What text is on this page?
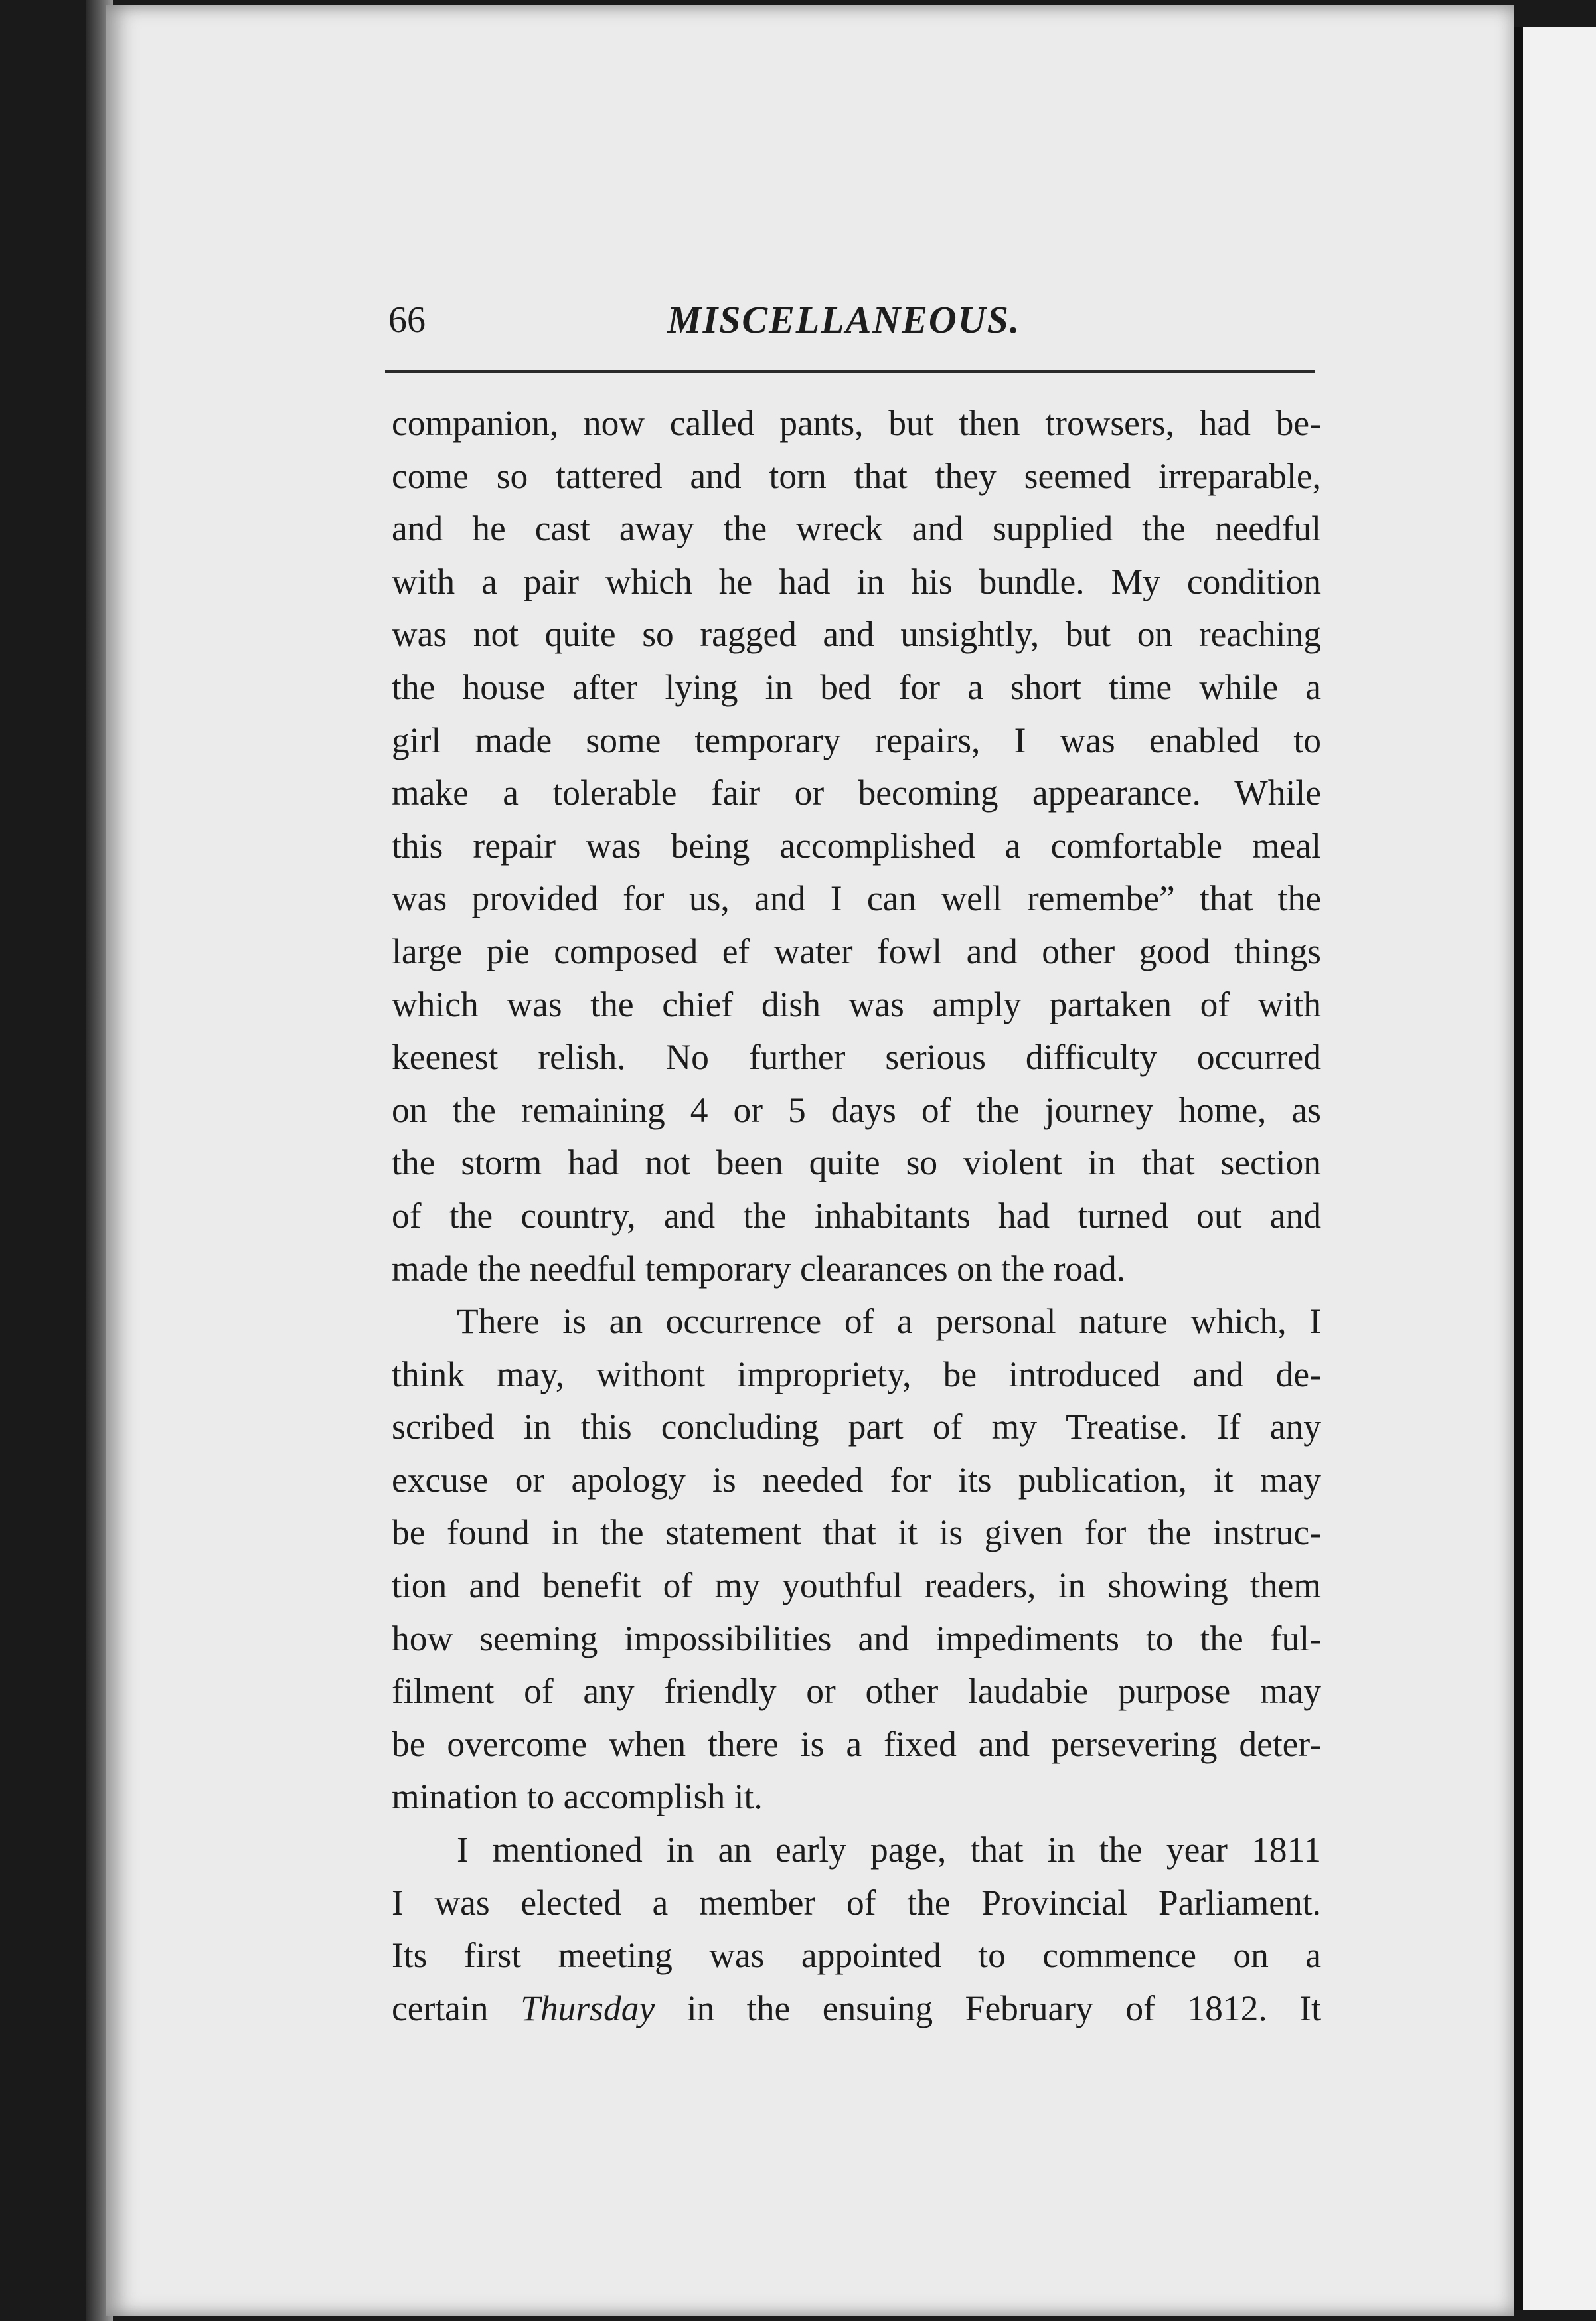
66	MISCELLANEOUS.
companion, now called pants, but then trowsers, had be-
come so tattered and torn that they seemed irreparable,
and he cast away the wreck and supplied the needful
with a pair which he had in his bundle. My condition
was not quite so ragged and unsightly, but on reaching
the house after lying in bed for a short time while a
girl made some temporary repairs, I was enabled to
make a tolerable fair or becoming appearance. While
this repair was being accomplished a comfortable meal
was provided for us, and I can well remembe” that the
large pie composed ef water fowl and other good things
which was the chief dish was amply partaken of with
keenest relish. No further serious difficulty occurred
on the remaining 4 or 5 days of the journey home, as
the storm had not been quite so violent in that section
of the country, and the inhabitants had turned out and
made the needful temporary clearances on the road.
There is an occurrence of a personal nature which, I
think may, withont impropriety, be introduced and de-
scribed in this concluding part of my Treatise. If any
excuse or apology is needed for its publication, it may
be found in the statement that it is given for the instruc-
tion and benefit of my youthful readers, in showing them
how seeming impossibilities and impediments to the ful-
filment of any friendly or other laudabie purpose may
be overcome when there is a fixed and persevering deter-
mination to accomplish it.
I mentioned in an early page, that in the year 1811
I was elected a member of the Provincial Parliament.
Its first meeting was appointed to commence on a
certain Thursday in the ensuing February of 1812. It
